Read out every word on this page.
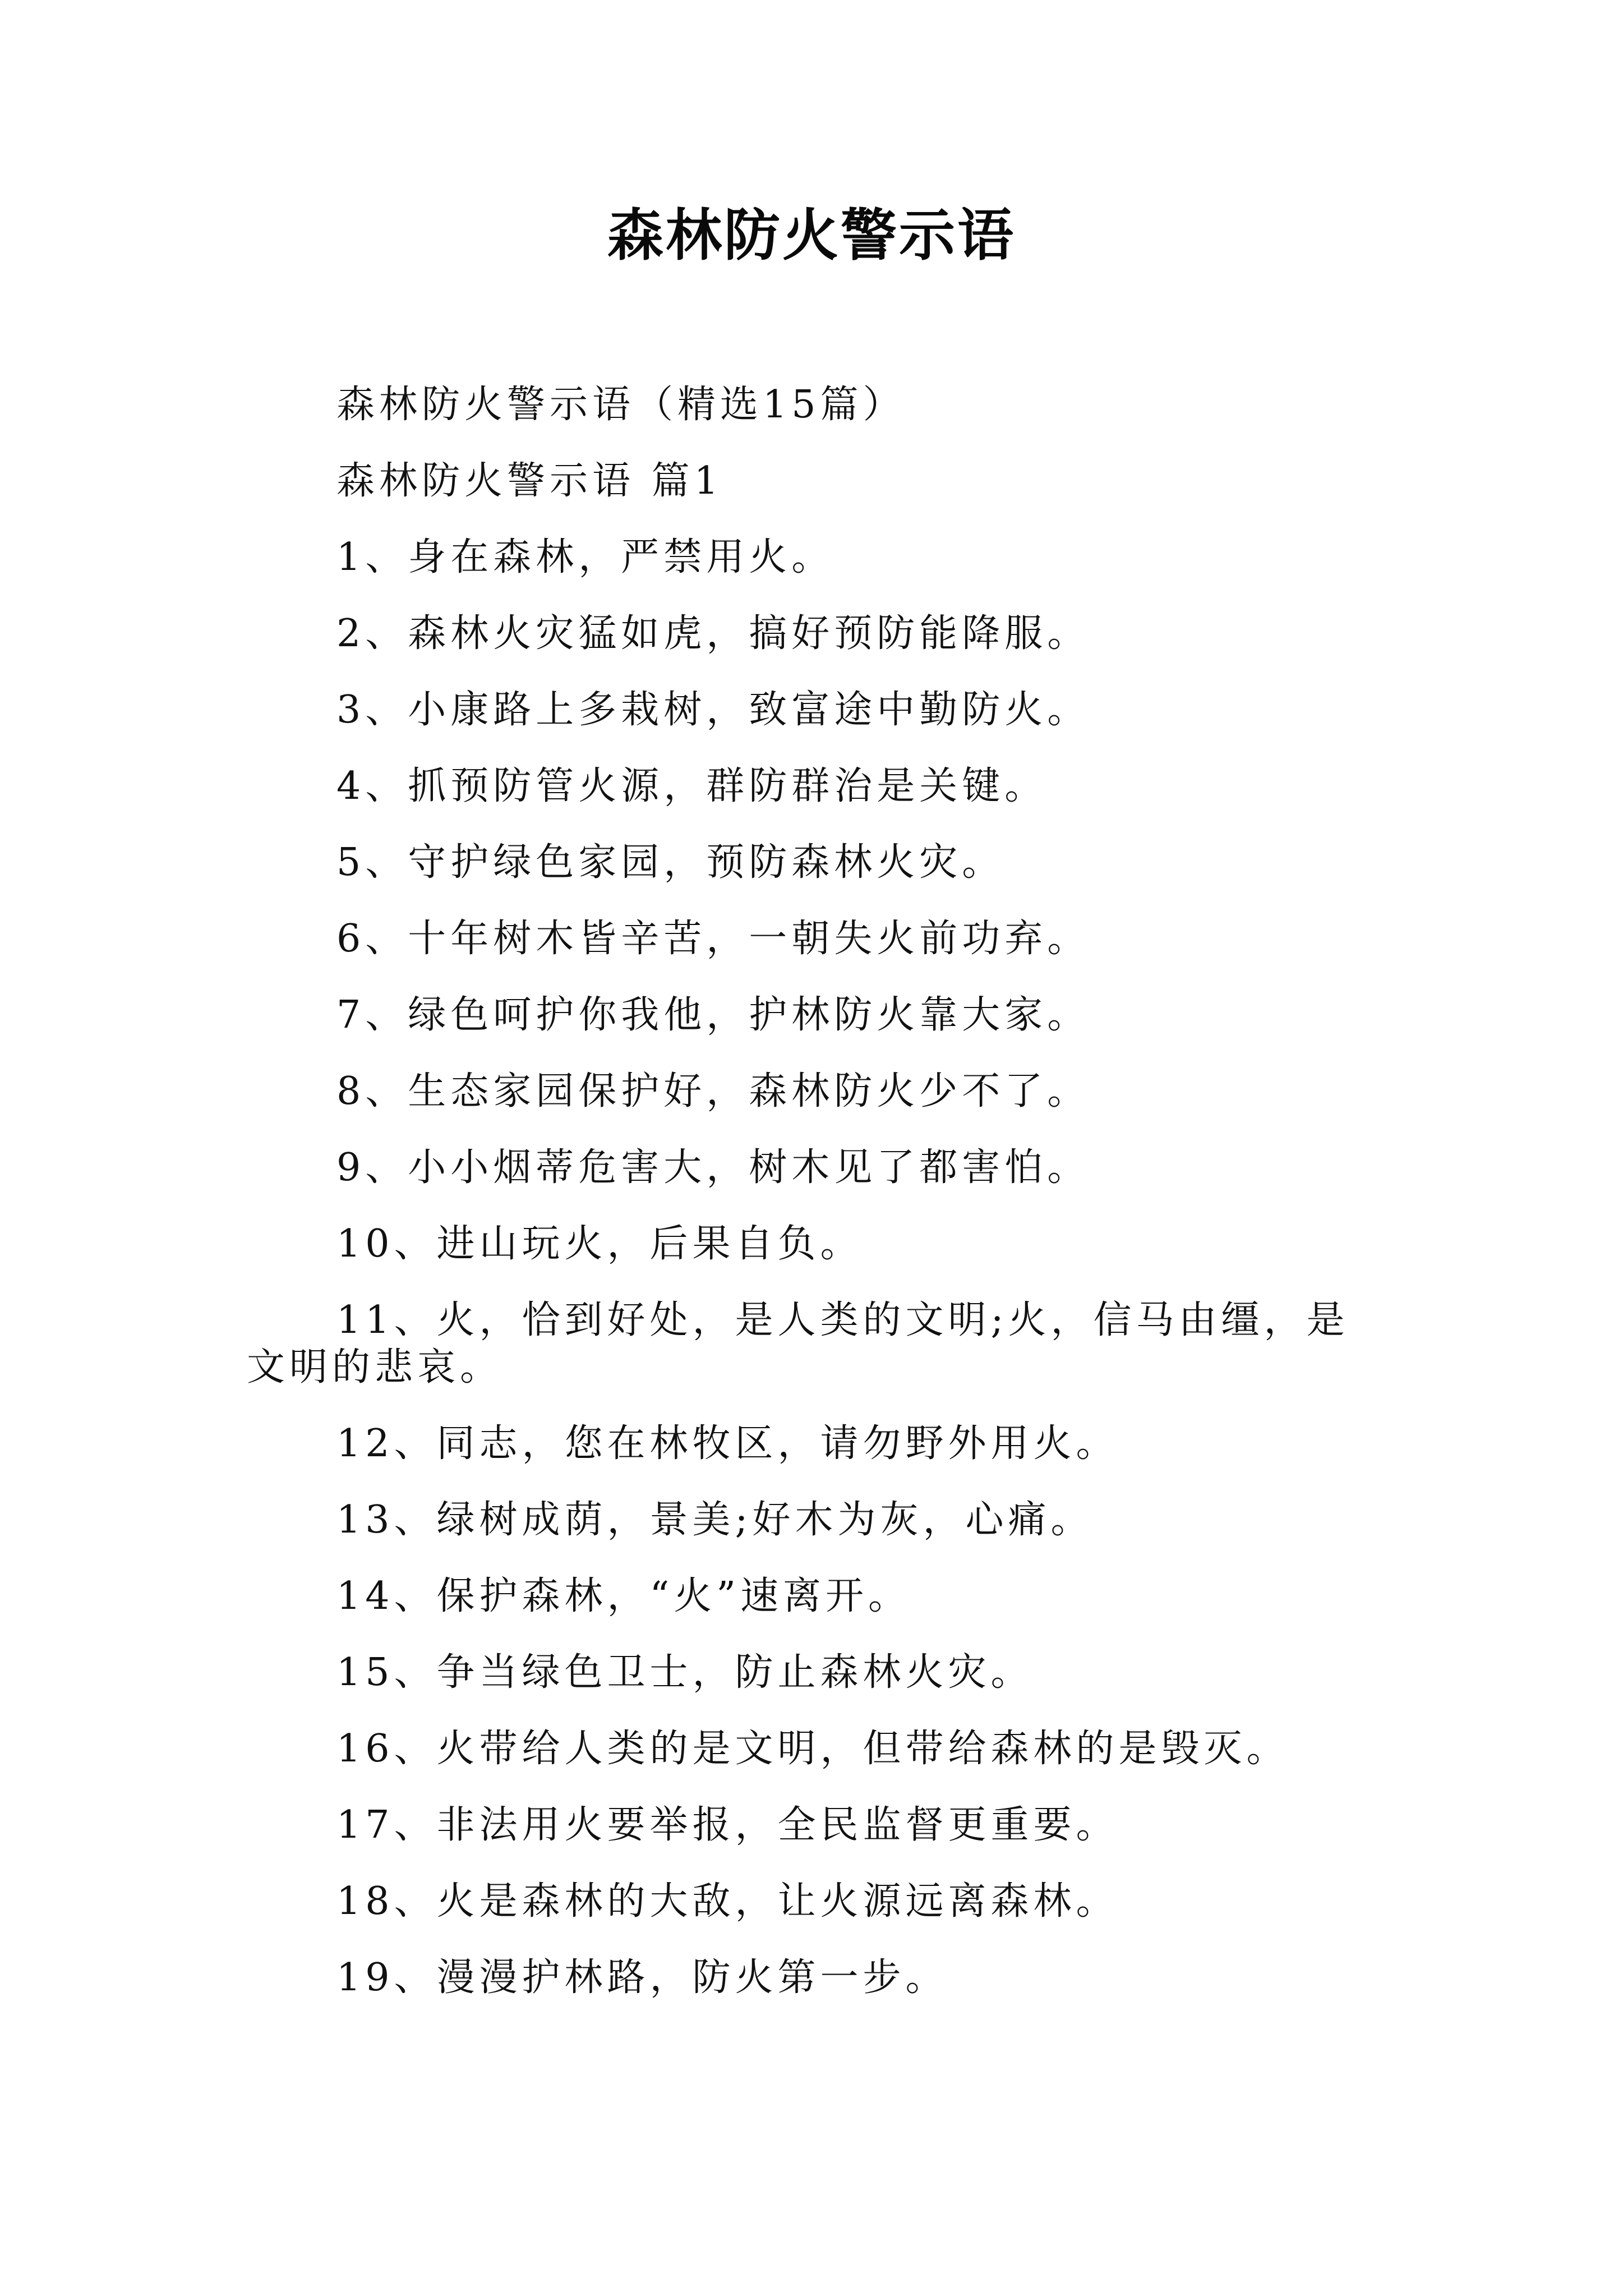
森林防火警示语

森林防火警示语（精选15篇）

森林防火警示语 篇1

1、身在森林，严禁用火。

2、森林火灾猛如虎，搞好预防能降服。

3、小康路上多栽树，致富途中勤防火。

4、抓预防管火源，群防群治是关键。

5、守护绿色家园，预防森林火灾。

6、十年树木皆辛苦，一朝失火前功弃。

7、绿色呵护你我他，护林防火靠大家。

8、生态家园保护好，森林防火少不了。

9、小小烟蒂危害大，树木见了都害怕。

10、进山玩火，后果自负。

11、火，恰到好处，是人类的文明;火，信马由缰，是文明的悲哀。

12、同志，您在林牧区，请勿野外用火。

13、绿树成荫，景美;好木为灰，心痛。

14、保护森林，“火”速离开。

15、争当绿色卫士，防止森林火灾。

16、火带给人类的是文明，但带给森林的是毁灭。

17、非法用火要举报，全民监督更重要。

18、火是森林的大敌，让火源远离森林。

19、漫漫护林路，防火第一步。
